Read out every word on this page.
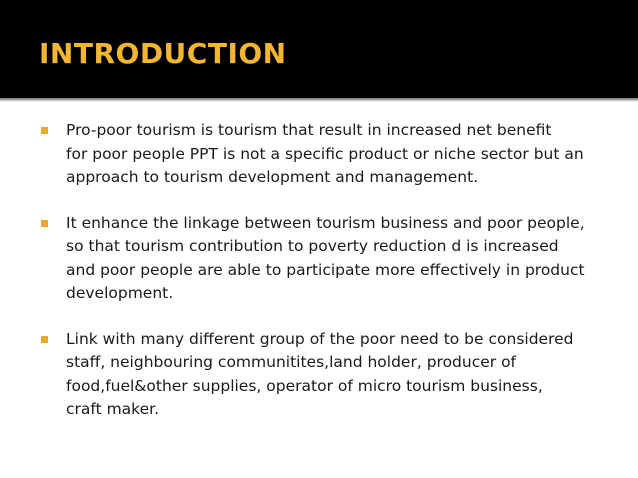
INTRODUCTION
Pro-poor tourism is tourism that result in increased net benefit
for poor people PPT is not a specific product or niche sector but an
approach to tourism development and management.
It enhance the linkage between tourism business and poor people,
so that tourism contribution to poverty reduction d is increased
and poor people are able to participate more effectively in product
development.
Link with many different group of the poor need to be considered
staff, neighbouring communitites,land holder, producer of
food,fuel&other supplies, operator of micro tourism business,
craft maker.
